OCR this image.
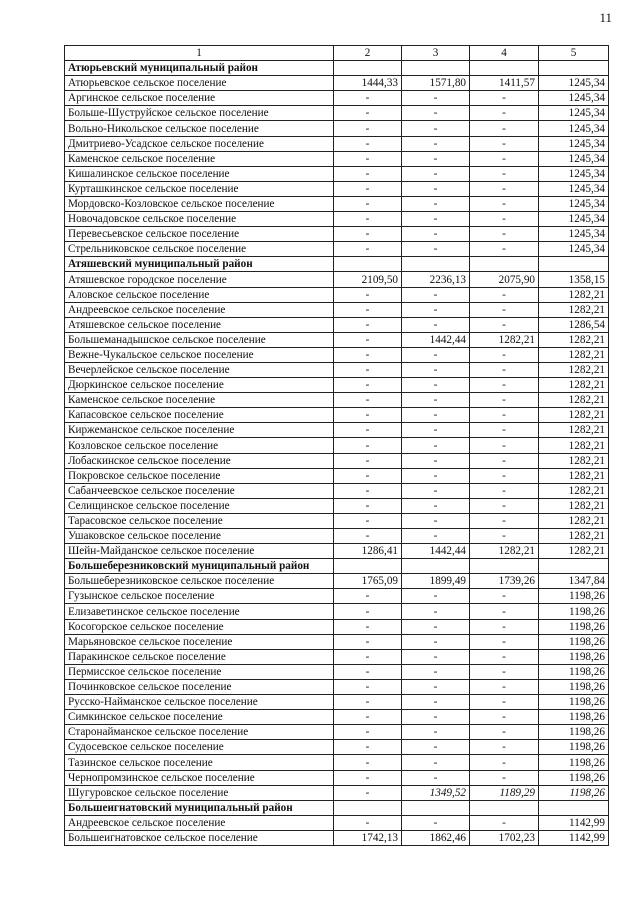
11
1	2	3	4	5
Атюрьевский муниципальный район				
Атюрьевское сельское поселение	1444,33	1571,80	1411,57	1245,34
Аргинское сельское поселение	-	-	-	1245,34
Больше-Шуструйское сельское поселение	-	-	-	1245,34
Вольно-Никольское сельское поселение	-	-	-	1245,34
Дмитриево-Усадское сельское поселение	-	-	-	1245,34
Каменское сельское поселение	-	-	-	1245,34
Кишалинское сельское поселение	-	-	-	1245,34
Курташкинское сельское поселение	-	-	-	1245,34
Мордовско-Козловское сельское поселение	-	-	-	1245,34
Новочадовское сельское поселение	-	-	-	1245,34
Перевесьевское сельское поселение	-	-	-	1245,34
Стрельниковское сельское поселение	-	-	-	1245,34
Атяшевский муниципальный район				
Атяшевское городское поселение	2109,50	2236,13	2075,90	1358,15
Аловское сельское поселение	-	-	-	1282,21
Андреевское сельское поселение	-	-	-	1282,21
Атяшевское сельское поселение	-	-	-	1286,54
Большеманадышское сельское поселение	-	1442,44	1282,21	1282,21
Вежне-Чукальское сельское поселение	-	-	-	1282,21
Вечерлейское сельское поселение	-	-	-	1282,21
Дюркинское сельское поселение	-	-	-	1282,21
Каменское сельское поселение	-	-	-	1282,21
Капасовское сельское поселение	-	-	-	1282,21
Киржеманское сельское поселение	-	-	-	1282,21
Козловское сельское поселение	-	-	-	1282,21
Лобаскинское сельское поселение	-	-	-	1282,21
Покровское сельское поселение	-	-	-	1282,21
Сабанчеевское сельское поселение	-	-	-	1282,21
Селищинское сельское поселение	-	-	-	1282,21
Тарасовское сельское поселение	-	-	-	1282,21
Ушаковское сельское поселение	-	-	-	1282,21
Шейн-Майданское сельское поселение	1286,41	1442,44	1282,21	1282,21
Большеберезниковский муниципальный район				
Большеберезниковское сельское поселение	1765,09	1899,49	1739,26	1347,84
Гузынское сельское поселение	-	-	-	1198,26
Елизаветинское сельское поселение	-	-	-	1198,26
Косогорское сельское поселение	-	-	-	1198,26
Марьяновское сельское поселение	-	-	-	1198,26
Паракинское сельское поселение	-	-	-	1198,26
Пермисское сельское поселение	-	-	-	1198,26
Починковское сельское поселение	-	-	-	1198,26
Русско-Найманское сельское поселение	-	-	-	1198,26
Симкинское сельское поселение	-	-	-	1198,26
Старонайманское сельское поселение	-	-	-	1198,26
Судосевское сельское поселение	-	-	-	1198,26
Тазинское сельское поселение	-	-	-	1198,26
Чернопромзинское сельское поселение	-	-	-	1198,26
Шугуровское сельское поселение	-	1349,52	1189,29	1198,26
Большеигнатовский муниципальный район				
Андреевское сельское поселение	-	-	-	1142,99
Большеигнатовское сельское поселение	1742,13	1862,46	1702,23	1142,99
